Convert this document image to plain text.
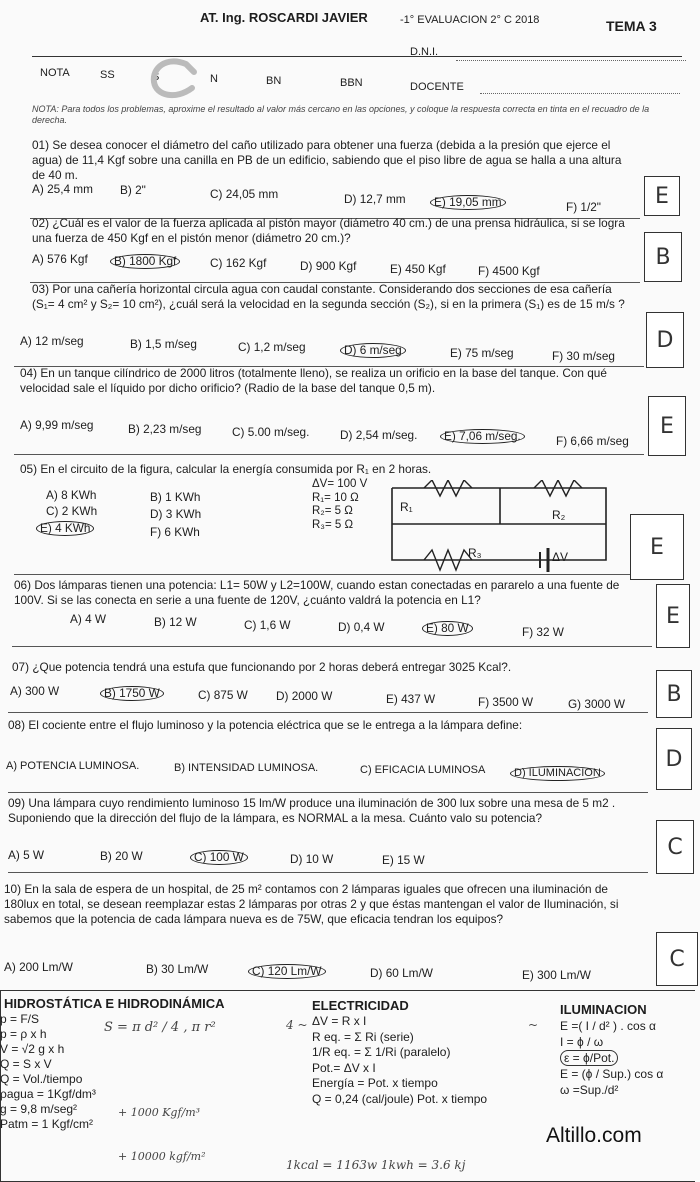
AT. Ing. ROSCARDI JAVIER	-1° EVALUACION 2° C 2018	TEMA 3
D.N.I.
NOTA	SS	S	N	BN	BBN	DOCENTE
NOTA: Para todos los problemas, aproxime el resultado al valor más cercano en las opciones, y coloque la respuesta correcta en tinta en el recuadro de la derecha.
01) Se desea conocer el diámetro del caño utilizado para obtener una fuerza (debida a la presión que ejerce el agua) de 11,4 Kgf sobre una canilla en PB de un edificio, sabiendo que el piso libre de agua se halla a una altura de 40 m.
A) 25,4 mm B) 2"	C) 24,05 mm	D) 12,7 mm	E) 19,05 mm	F) 1/2"	E
02) ¿Cuál es el valor de la fuerza aplicada al pistón mayor (diámetro 40 cm.) de una prensa hidráulica, si se logra una fuerza de 450 Kgf en el pistón menor (diámetro 20 cm.)?
A) 576 Kgf	B) 1800 Kgf	C) 162 Kgf	D) 900 Kgf	E) 450 Kgf	F) 4500 Kgf
B
03) Por una cañería horizontal circula agua con caudal constante. Considerando dos secciones de esa cañería (S₁= 4 cm² y S₂= 10 cm²), ¿cuál será la velocidad en la segunda sección (S₂), si en la primera (S₁) es de 15 m/s ?
A) 12 m/seg	B) 1,5 m/seg	C) 1,2 m/seg	D) 6 m/seg	E) 75 m/seg	F) 30 m/seg
D
04) En un tanque cilíndrico de 2000 litros (totalmente lleno), se realiza un orificio en la base del tanque. Con qué velocidad sale el líquido por dicho orificio? (Radio de la base del tanque 0,5 m).
A) 9,99 m/seg	B) 2,23 m/seg	C) 5.00 m/seg.	D) 2,54 m/seg.	E) 7,06 m/seg.	F) 6,66 m/seg
E
05) En el circuito de la figura, calcular la energía consumida por R₁ en 2 horas.
A) 8 KWh	B) 1 KWh
C) 2 KWh	D) 3 KWh
E) 4 KWh	F) 6 KWh
ΔV= 100 V
R₁= 10 Ω
R₂= 5 Ω
R₃= 5 Ω
R₁
R₂
R₃	ΔV	E
06) Dos lámparas tienen una potencia: L1= 50W y L2=100W, cuando estan conectadas en pararelo a una fuente de 100V. Si se las conecta en serie a una fuente de 120V, ¿cuánto valdrá la potencia en L1?
A) 4 W	B) 12 W	C) 1,6 W	D) 0,4 W	E) 80 W	F) 32 W
E
07) ¿Que potencia tendrá una estufa que funcionando por 2 horas deberá entregar 3025 Kcal?.
A) 300 W	B) 1750 W	C) 875 W D) 2000 W	E) 437 W	F) 3500 W	G) 3000 W	B
08) El cociente entre el flujo luminoso y la potencia eléctrica que se le entrega a la lámpara define:
A) POTENCIA LUMINOSA.	B) INTENSIDAD LUMINOSA.	C) EFICACIA LUMINOSA	D) ILUMINACION
D
09) Una lámpara cuyo rendimiento luminoso 15 lm/W produce una iluminación de 300 lux sobre una mesa de 5 m2 . Suponiendo que la dirección del flujo de la lámpara, es NORMAL a la mesa. Cuánto valo su potencia?
A) 5 W	B) 20 W	C) 100 W	D) 10 W	E) 15 W
C
10) En la sala de espera de un hospital, de 25 m² contamos con 2 lámparas iguales que ofrecen una iluminación de 180lux en total, se desean reemplazar estas 2 lámparas por otras 2 y que éstas mantengan el valor de Iluminación, si sabemos que la potencia de cada lámpara nueva es de 75W, que eficacia tendran los equipos?
A) 200 Lm/W	B) 30 Lm/W	C) 120 Lm/W	D) 60 Lm/W	E) 300 Lm/W
C
HIDROSTÁTICA E HIDRODINÁMICA
p = F/S
p = ρ x h
V = √2 g x h
Q = S x V
Q = Vol./tiempo
ρagua = 1Kgf/dm³
g = 9,8 m/seg²
Patm = 1 Kgf/cm²
S = π d² / 4 , π r²
+ 1000 Kgf/m³
+ 10000 kgf/m²
ELECTRICIDAD
4 ~ ΔV = R x I
R eq. = Σ Ri (serie)
1/R eq. = Σ 1/Ri (paralelo)
Pot.= ΔV x I
Energía = Pot. x tiempo
Q = 0,24 (cal/joule) Pot. x tiempo
ILUMINACION
~ E =( I / d² ) . cos α
I = ϕ / ω
ε = ϕ/Pot.
E = (ϕ / Sup.) cos α
ω =Sup./d²
1kcal = 1163w 1kwh = 3.6 kj
Altillo.com
